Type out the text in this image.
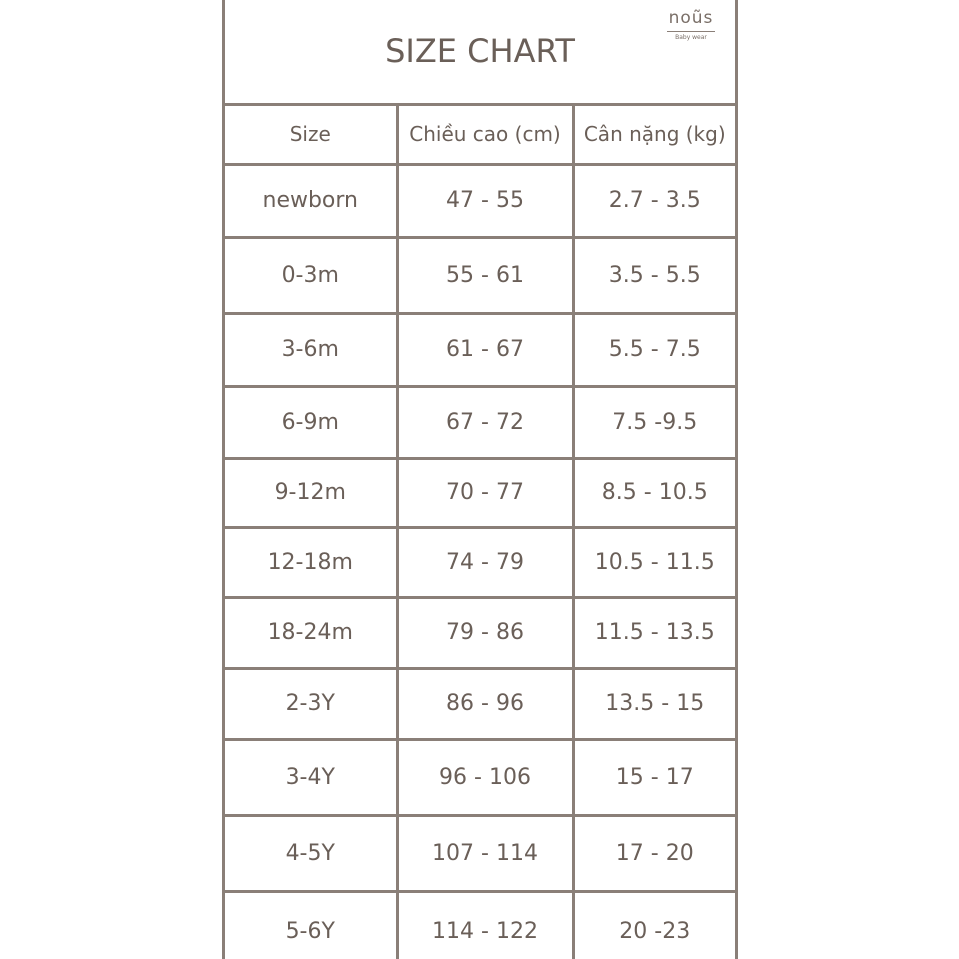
SIZE CHART
noũs
Baby wear
Size	Chiều cao (cm)	Cân nặng (kg)
newborn	47 - 55	2.7 - 3.5
0-3m	55 - 61	3.5 - 5.5
3-6m	61 - 67	5.5 - 7.5
6-9m	67 - 72	7.5 -9.5
9-12m	70 - 77	8.5 - 10.5
12-18m	74 - 79	10.5 - 11.5
18-24m	79 - 86	11.5 - 13.5
2-3Y	86 - 96	13.5 - 15
3-4Y	96 - 106	15 - 17
4-5Y	107 - 114	17 - 20
5-6Y	114 - 122	20 -23
